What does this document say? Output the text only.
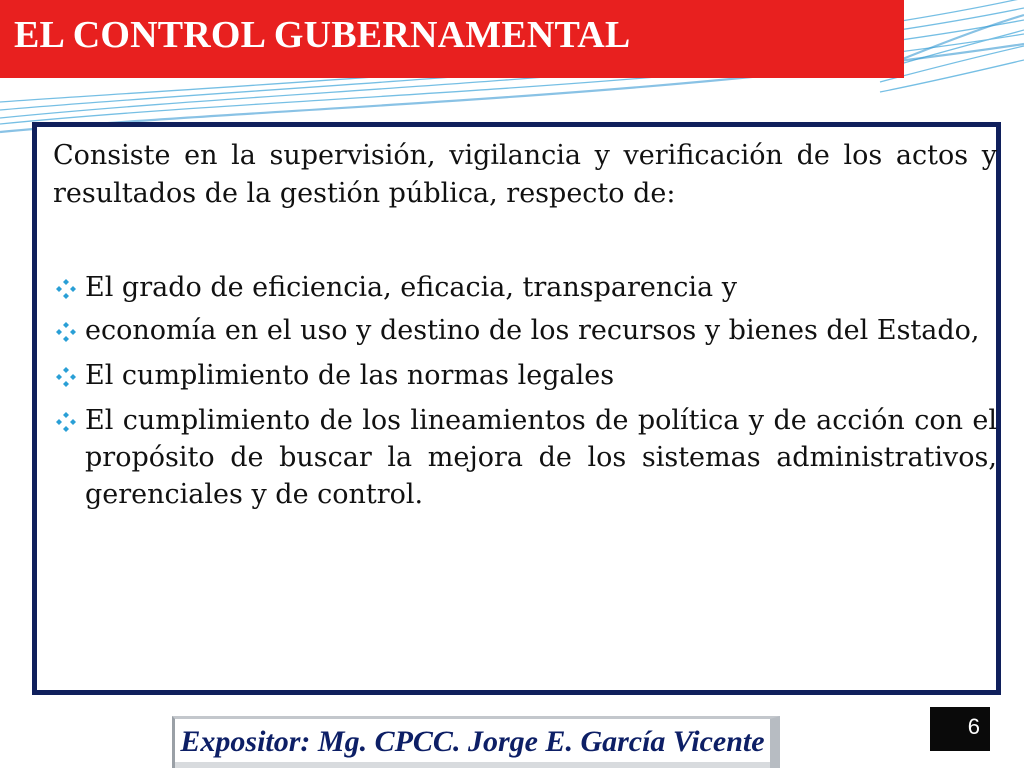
EL CONTROL GUBERNAMENTAL

Consiste en la supervisión, vigilancia y verificación de los actos y resultados de la gestión pública, respecto de:

El grado de eficiencia, eficacia, transparencia y
economía en el uso y destino de los recursos y bienes del Estado,
El cumplimiento de las normas legales
El cumplimiento de los lineamientos de política y de acción con el propósito de buscar la mejora de los sistemas administrativos, gerenciales y de control.
Expositor: Mg. CPCC. Jorge E. García Vicente	6
